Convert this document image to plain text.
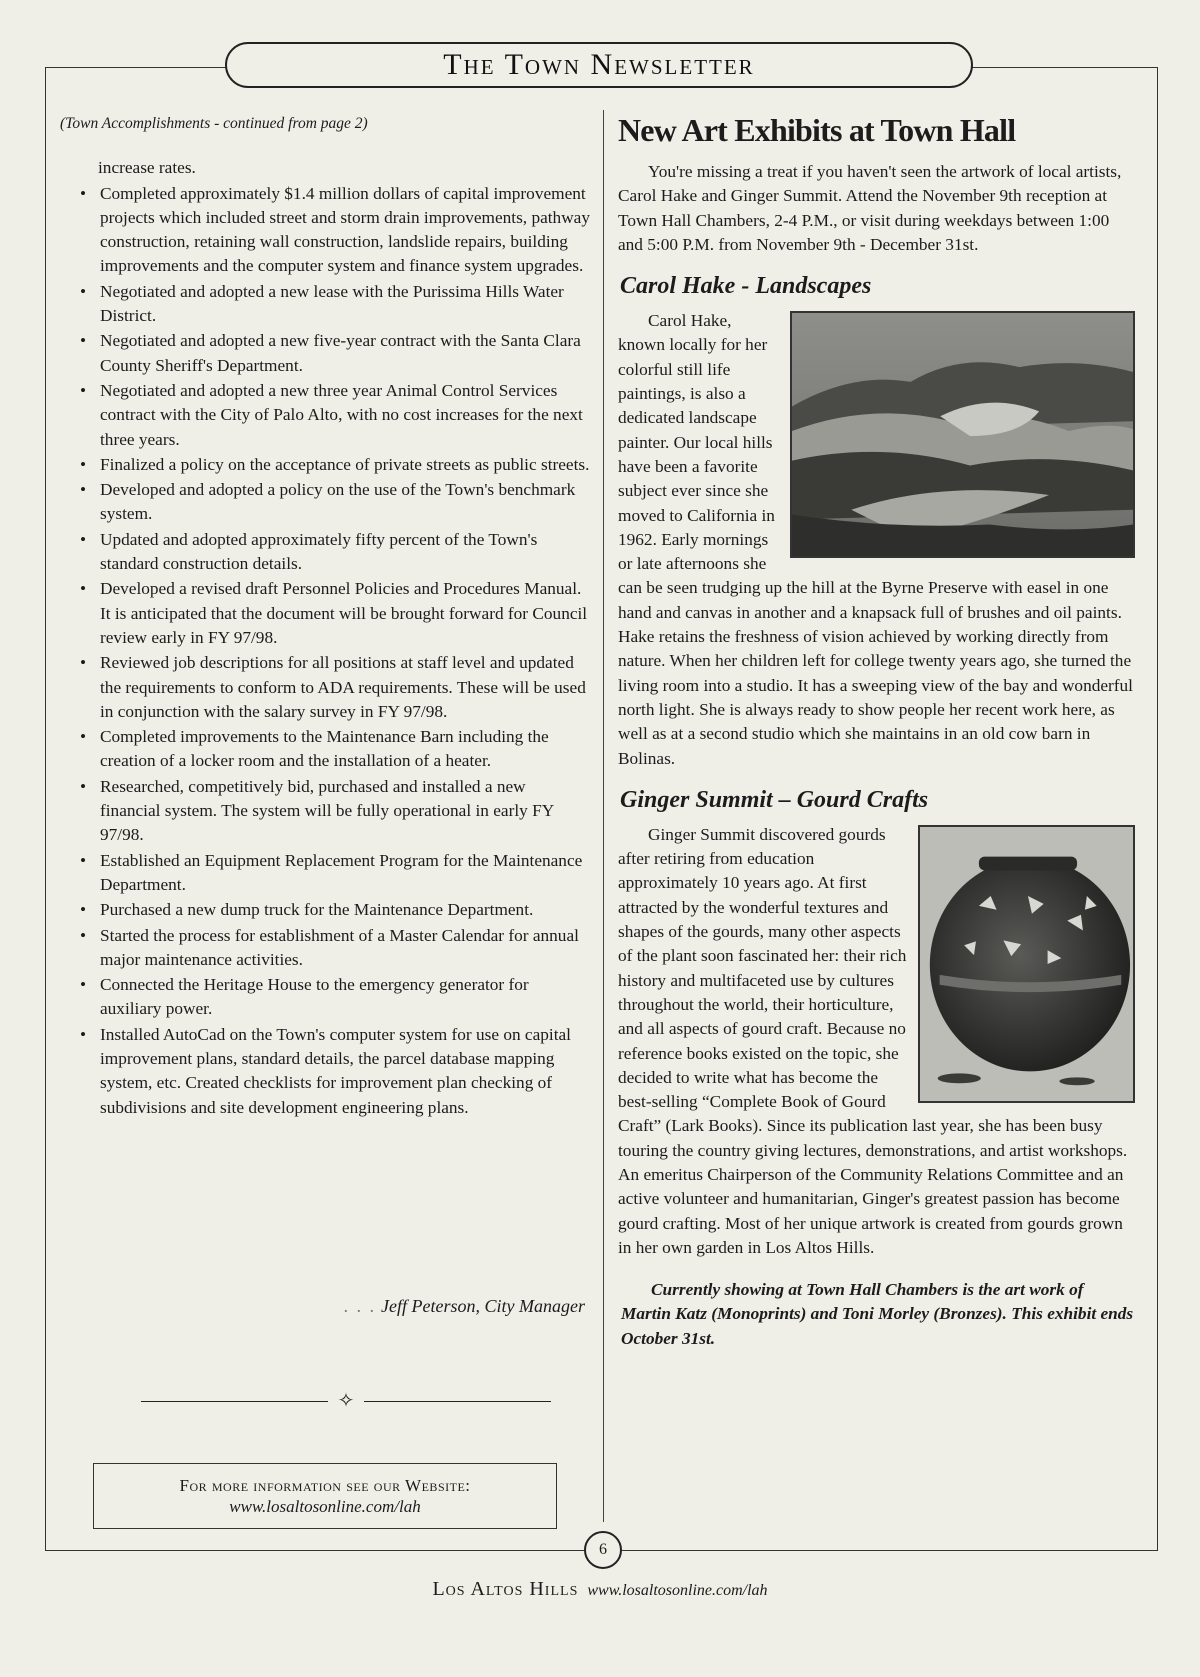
The Town Newsletter

(Town Accomplishments - continued from page 2)

increase rates.

• Completed approximately $1.4 million dollars of capital improvement projects which included street and storm drain improvements, pathway construction, retaining wall construction, landslide repairs, building improvements and the computer system and finance system upgrades.
• Negotiated and adopted a new lease with the Purissima Hills Water District.
• Negotiated and adopted a new five-year contract with the Santa Clara County Sheriff's Department.
• Negotiated and adopted a new three year Animal Control Services contract with the City of Palo Alto, with no cost increases for the next three years.
• Finalized a policy on the acceptance of private streets as public streets.
• Developed and adopted a policy on the use of the Town's benchmark system.
• Updated and adopted approximately fifty percent of the Town's standard construction details.
• Developed a revised draft Personnel Policies and Procedures Manual. It is anticipated that the document will be brought forward for Council review early in FY 97/98.
• Reviewed job descriptions for all positions at staff level and updated the requirements to conform to ADA requirements. These will be used in conjunction with the salary survey in FY 97/98.
• Completed improvements to the Maintenance Barn including the creation of a locker room and the installation of a heater.
• Researched, competitively bid, purchased and installed a new financial system. The system will be fully operational in early FY 97/98.
• Established an Equipment Replacement Program for the Maintenance Department.
• Purchased a new dump truck for the Maintenance Department.
• Started the process for establishment of a Master Calendar for annual major maintenance activities.
• Connected the Heritage House to the emergency generator for auxiliary power.
• Installed AutoCad on the Town's computer system for use on capital improvement plans, standard details, the parcel database mapping system, etc. Created checklists for improvement plan checking of subdivisions and site development engineering plans.
. . . Jeff Peterson, City Manager
✧
For more information see our Website:
www.losaltosonline.com/lah
New Art Exhibits at Town Hall

You're missing a treat if you haven't seen the artwork of local artists, Carol Hake and Ginger Summit. Attend the November 9th reception at Town Hall Chambers, 2-4 P.M., or visit during weekdays between 1:00 and 5:00 P.M. from November 9th - December 31st.

Carol Hake - Landscapes

Carol Hake, known locally for her colorful still life paintings, is also a dedicated landscape painter. Our local hills have been a favorite subject ever since she moved to California in 1962. Early mornings or late afternoons she can be seen trudging up the hill at the Byrne Preserve with easel in one hand and canvas in another and a knapsack full of brushes and oil paints. Hake retains the freshness of vision achieved by working directly from nature. When her children left for college twenty years ago, she turned the living room into a studio. It has a sweeping view of the bay and wonderful north light. She is always ready to show people her recent work here, as well as at a second studio which she maintains in an old cow barn in Bolinas.

Ginger Summit – Gourd Crafts

Ginger Summit discovered gourds after retiring from education approximately 10 years ago. At first attracted by the wonderful textures and shapes of the gourds, many other aspects of the plant soon fascinated her: their rich history and multifaceted use by cultures throughout the world, their horticulture, and all aspects of gourd craft. Because no reference books existed on the topic, she decided to write what has become the best-selling “Complete Book of Gourd Craft” (Lark Books). Since its publication last year, she has been busy touring the country giving lectures, demonstrations, and artist workshops. An emeritus Chairperson of the Community Relations Committee and an active volunteer and humanitarian, Ginger's greatest passion has become gourd crafting. Most of her unique artwork is created from gourds grown in her own garden in Los Altos Hills.

Currently showing at Town Hall Chambers is the art work of Martin Katz (Monoprints) and Toni Morley (Bronzes). This exhibit ends October 31st.

6
Los Altos Hills www.losaltosonline.com/lah
